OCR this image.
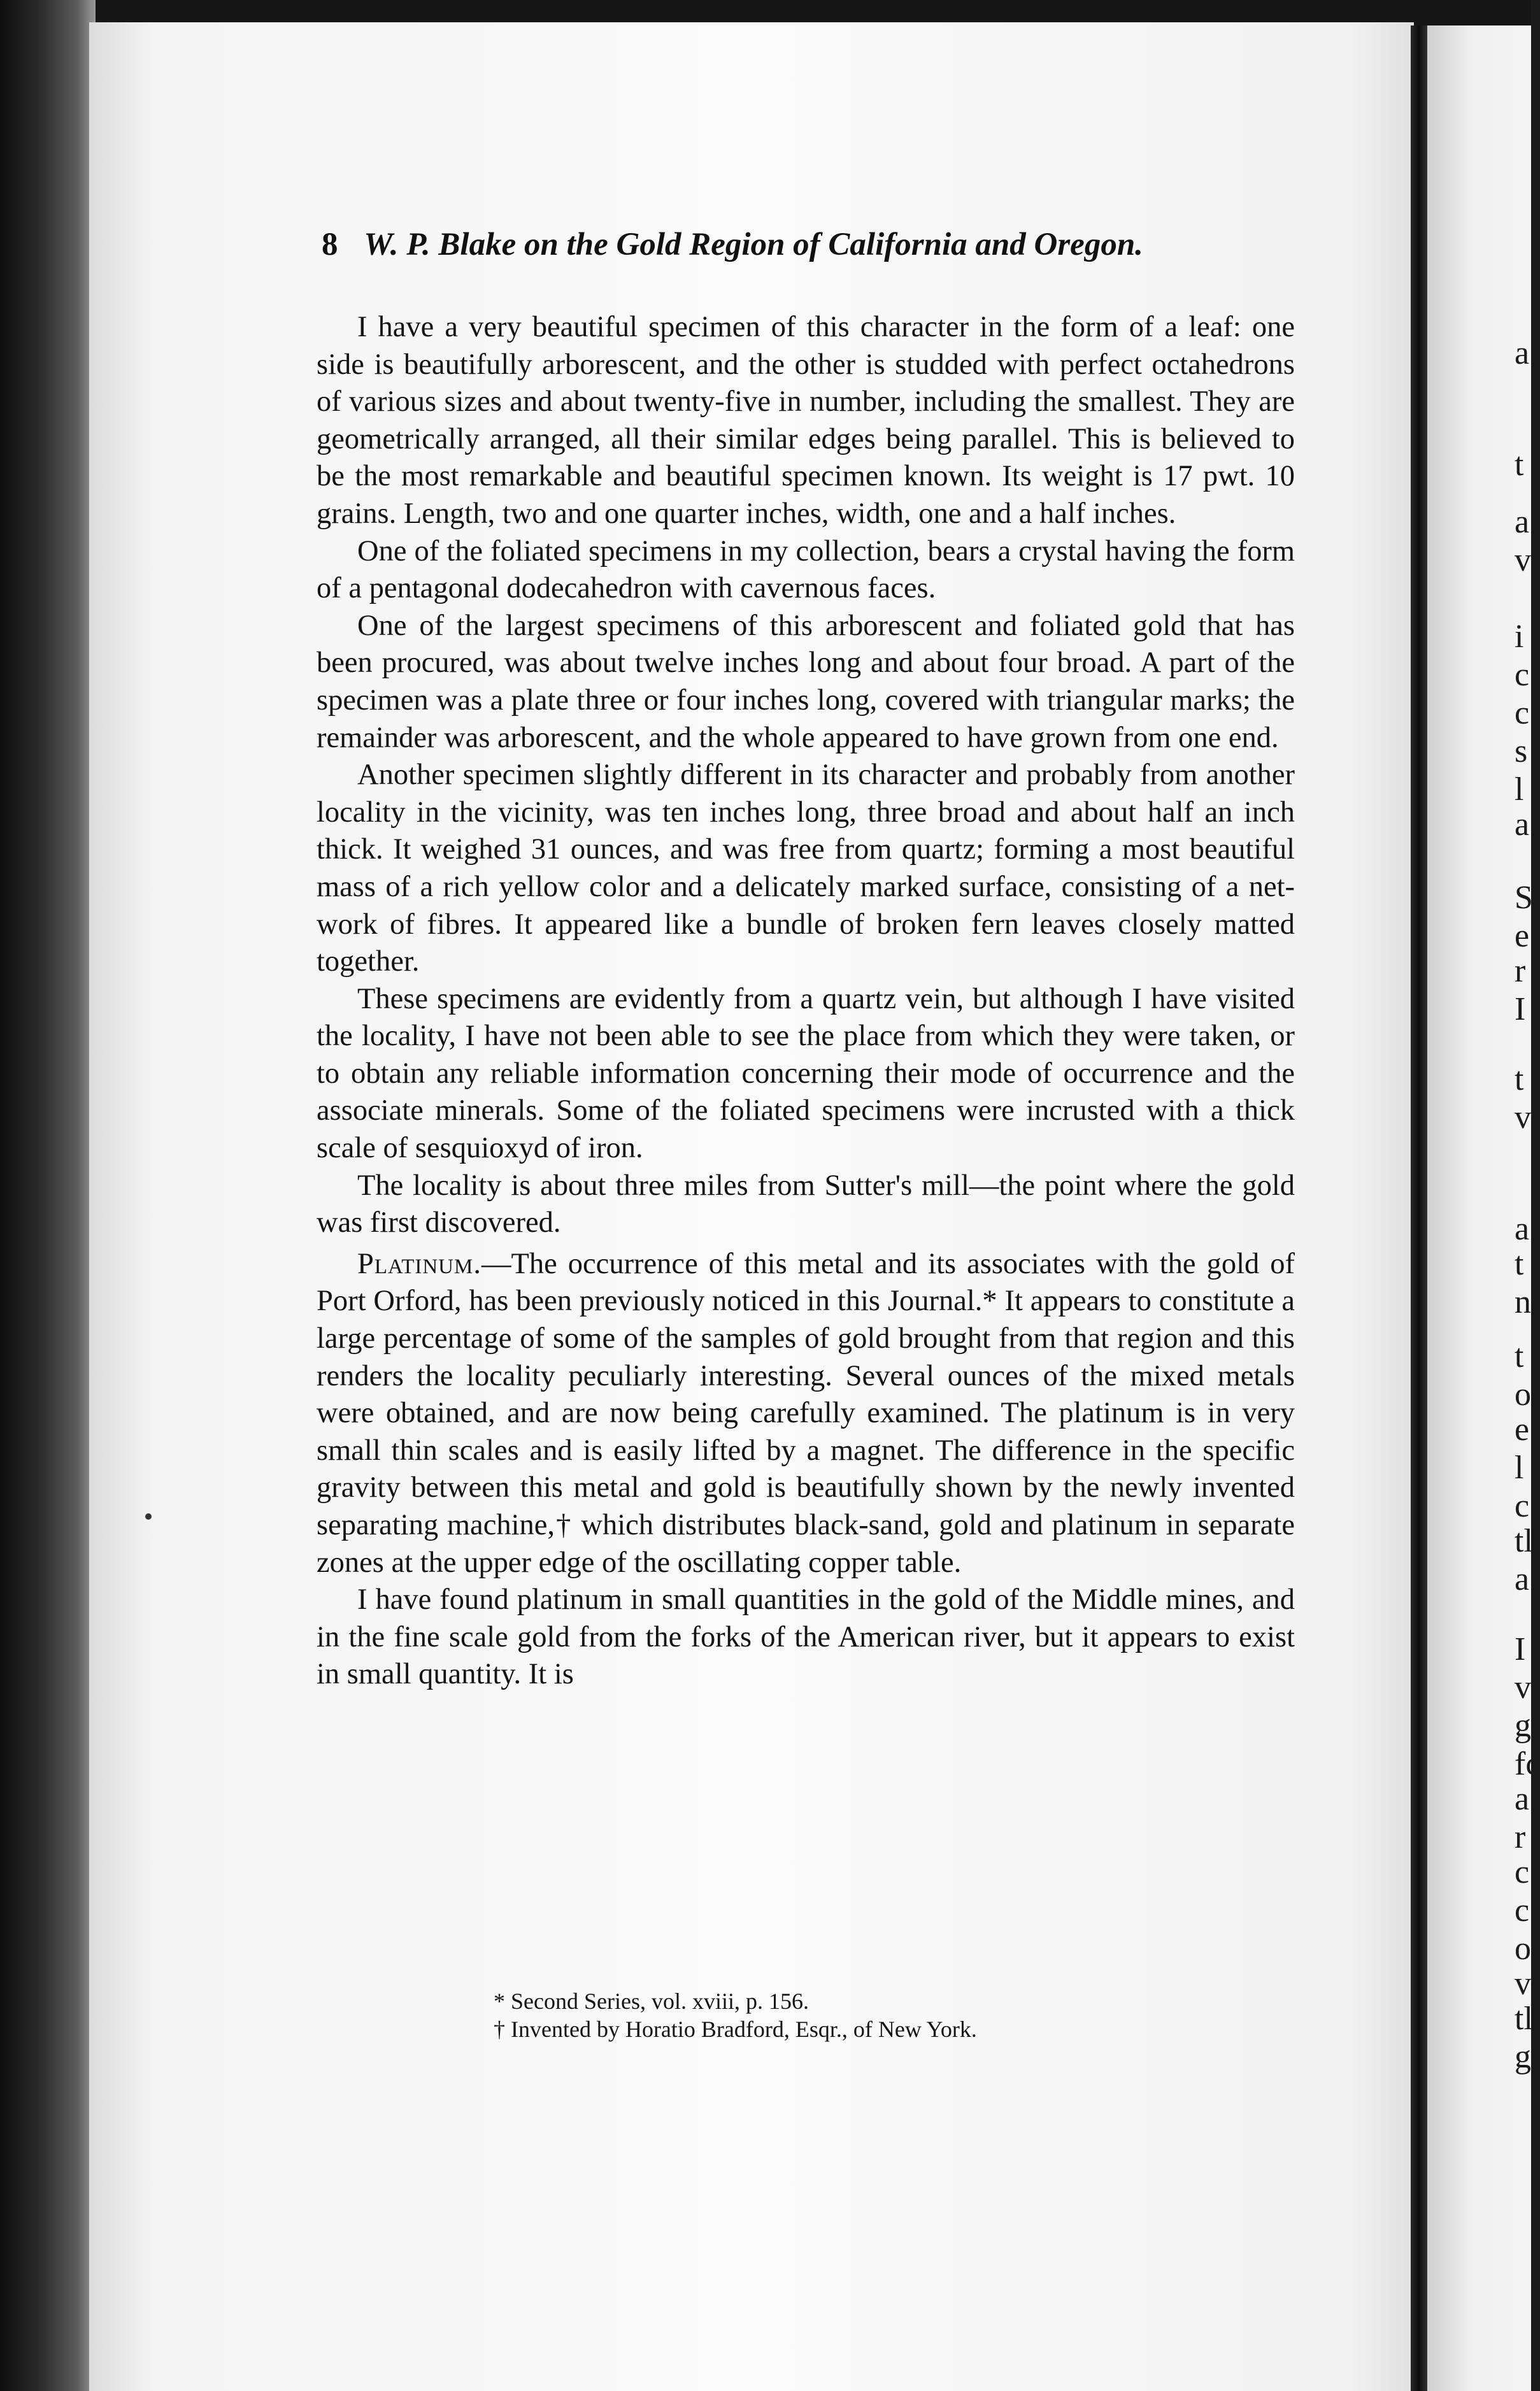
8 W. P. Blake on the Gold Region of California and Oregon.

I have a very beautiful specimen of this character in the form of a leaf: one side is beautifully arborescent, and the other is studded with perfect octahedrons of various sizes and about twenty-five in number, including the smallest. They are geometrically arranged, all their similar edges being parallel. This is believed to be the most remarkable and beautiful specimen known. Its weight is 17 pwt. 10 grains. Length, two and one quarter inches, width, one and a half inches.

One of the foliated specimens in my collection, bears a crystal having the form of a pentagonal dodecahedron with cavernous faces.

One of the largest specimens of this arborescent and foliated gold that has been procured, was about twelve inches long and about four broad. A part of the specimen was a plate three or four inches long, covered with triangular marks; the remainder was arborescent, and the whole appeared to have grown from one end.

Another specimen slightly different in its character and probably from another locality in the vicinity, was ten inches long, three broad and about half an inch thick. It weighed 31 ounces, and was free from quartz; forming a most beautiful mass of a rich yellow color and a delicately marked surface, consisting of a net-work of fibres. It appeared like a bundle of broken fern leaves closely matted together.

These specimens are evidently from a quartz vein, but although I have visited the locality, I have not been able to see the place from which they were taken, or to obtain any reliable information concerning their mode of occurrence and the associate minerals. Some of the foliated specimens were incrusted with a thick scale of sesquioxyd of iron.

The locality is about three miles from Sutter's mill—the point where the gold was first discovered.

Platinum.—The occurrence of this metal and its associates with the gold of Port Orford, has been previously noticed in this Journal.* It appears to constitute a large percentage of some of the samples of gold brought from that region and this renders the locality peculiarly interesting. Several ounces of the mixed metals were obtained, and are now being carefully examined. The platinum is in very small thin scales and is easily lifted by a magnet. The difference in the specific gravity between this metal and gold is beautifully shown by the newly invented separating machine,† which distributes black-sand, gold and platinum in separate zones at the upper edge of the oscillating copper table.

I have found platinum in small quantities in the gold of the Middle mines, and in the fine scale gold from the forks of the American river, but it appears to exist in small quantity. It is

* Second Series, vol. xviii, p. 156.
† Invented by Horatio Bradford, Esqr., of New York.
a
t
a
v
i
c
c
s
l
a
S
e
r
I
t
v
a
t
n
t
o
e
l
c
tl
a
I
v
g
fc
a
r
c
c
o
v
tl
g
